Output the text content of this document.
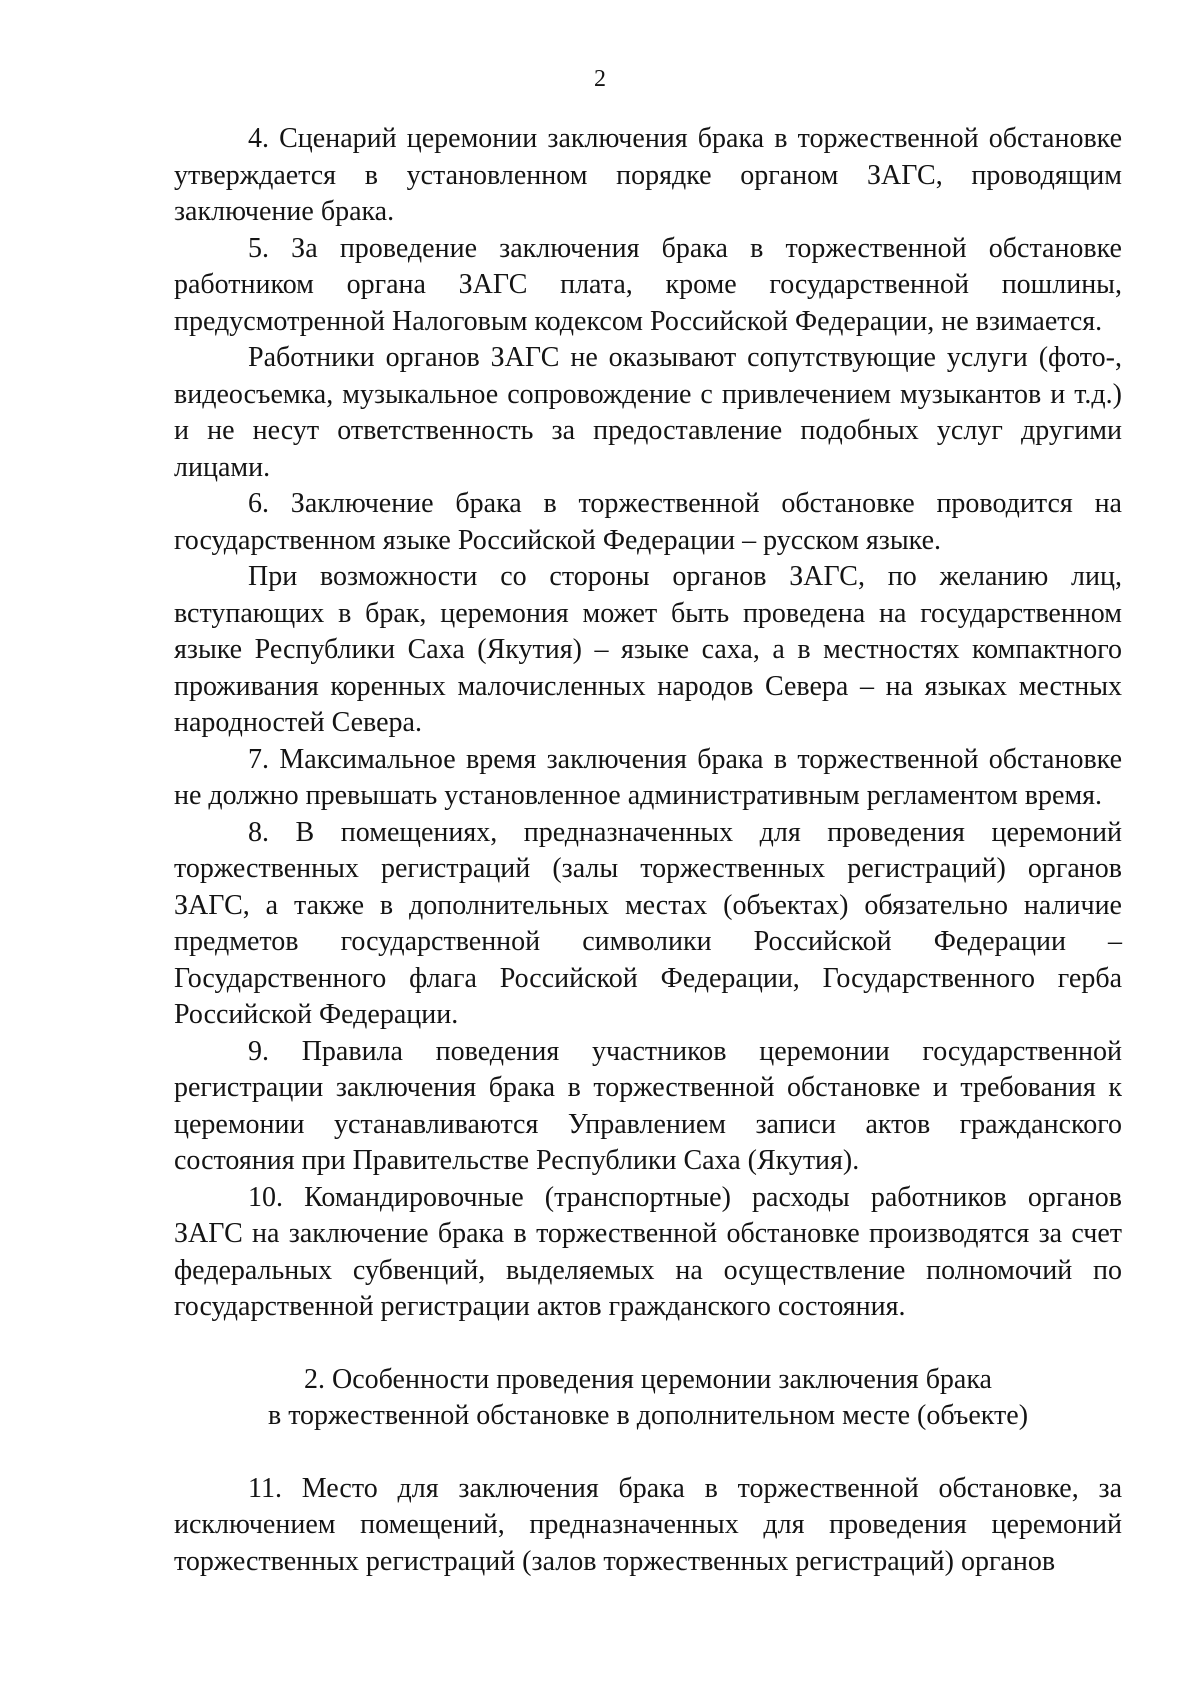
2

4. Сценарий церемонии заключения брака в торжественной обстановке утверждается в установленном порядке органом ЗАГС, проводящим заключение брака.

5. За проведение заключения брака в торжественной обстановке работником органа ЗАГС плата, кроме государственной пошлины, предусмотренной Налоговым кодексом Российской Федерации, не взимается.

Работники органов ЗАГС не оказывают сопутствующие услуги (фото-, видеосъемка, музыкальное сопровождение с привлечением музыкантов и т.д.) и не несут ответственность за предоставление подобных услуг другими лицами.

6. Заключение брака в торжественной обстановке проводится на государственном языке Российской Федерации – русском языке.

При возможности со стороны органов ЗАГС, по желанию лиц, вступающих в брак, церемония может быть проведена на государственном языке Республики Саха (Якутия) – языке саха, а в местностях компактного проживания коренных малочисленных народов Севера – на языках местных народностей Севера.

7. Максимальное время заключения брака в торжественной обстановке не должно превышать установленное административным регламентом время.

8. В помещениях, предназначенных для проведения церемоний торжественных регистраций (залы торжественных регистраций) органов ЗАГС, а также в дополнительных местах (объектах) обязательно наличие предметов государственной символики Российской Федерации – Государственного флага Российской Федерации, Государственного герба Российской Федерации.

9. Правила поведения участников церемонии государственной регистрации заключения брака в торжественной обстановке и требования к церемонии устанавливаются Управлением записи актов гражданского состояния при Правительстве Республики Саха (Якутия).

10. Командировочные (транспортные) расходы работников органов ЗАГС на заключение брака в торжественной обстановке производятся за счет федеральных субвенций, выделяемых на осуществление полномочий по государственной регистрации актов гражданского состояния.

2. Особенности проведения церемонии заключения брака
в торжественной обстановке в дополнительном месте (объекте)

11. Место для заключения брака в торжественной обстановке, за исключением помещений, предназначенных для проведения церемоний торжественных регистраций (залов торжественных регистраций) органов
